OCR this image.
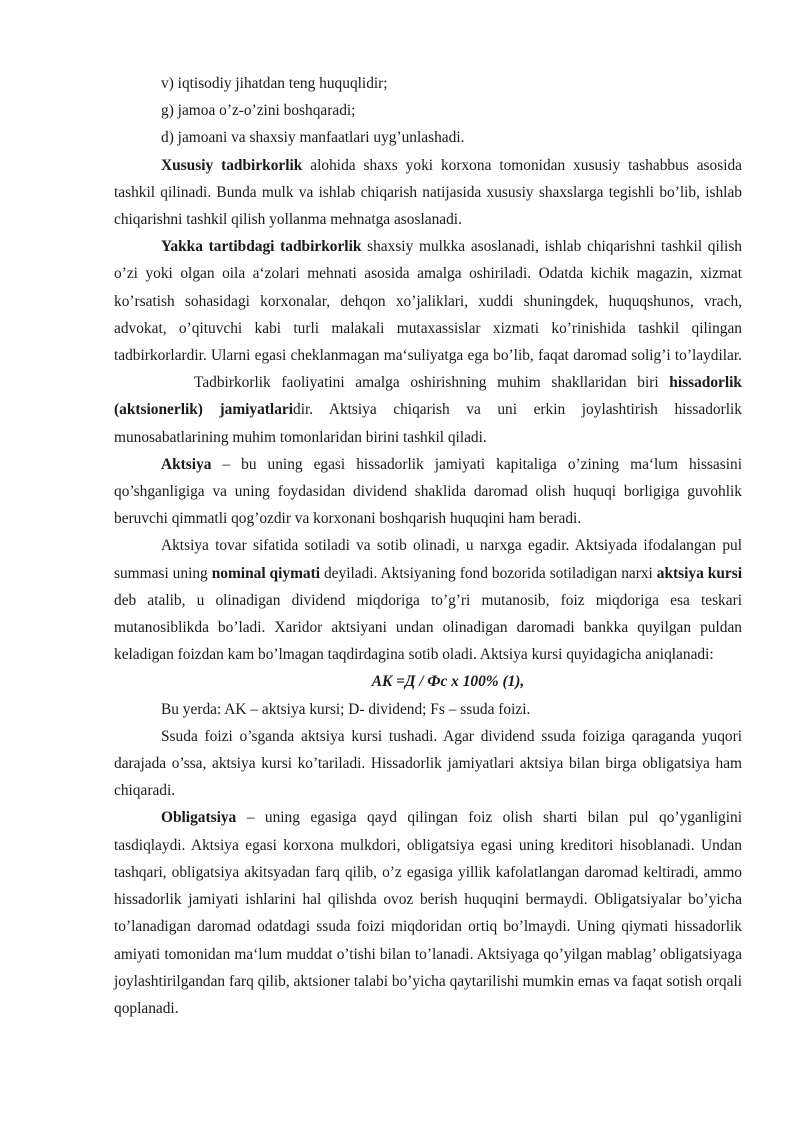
v) iqtisodiy jihatdan teng huquqlidir;

g) jamoa o’z-o’zini boshqaradi;

d) jamoani va shaxsiy manfaatlari uyg’unlashadi.

Xususiy tadbirkorlik alohida shaxs yoki korxona tomonidan xususiy tashabbus asosida tashkil qilinadi. Bunda mulk va ishlab chiqarish natijasida xususiy shaxslarga tegishli bo’lib, ishlab chiqarishni tashkil qilish yollanma mehnatga asoslanadi.

Yakka tartibdagi tadbirkorlik shaxsiy mulkka asoslanadi, ishlab chiqarishni tashkil qilish o’zi yoki olgan oila a‘zolari mehnati asosida amalga oshiriladi. Odatda kichik magazin, xizmat ko’rsatish sohasidagi korxonalar, dehqon xo’jaliklari, xuddi shuningdek, huquqshunos, vrach, advokat, o’qituvchi kabi turli malakali mutaxassislar xizmati ko’rinishida tashkil qilingan tadbirkorlardir. Ularni egasi cheklanmagan ma‘suliyatga ega bo’lib, faqat daromad solig’i to’laydilar.Tadbirkorlik faoliyatini amalga oshirishning muhim shakllaridan biri hissadorlik (aktsionerlik) jamiyatlaridir. Aktsiya chiqarish va uni erkin joylashtirish hissadorlik munosabatlarining muhim tomonlaridan birini tashkil qiladi.

Aktsiya – bu uning egasi hissadorlik jamiyati kapitaliga o’zining ma‘lum hissasini qo’shganligiga va uning foydasidan dividend shaklida daromad olish huquqi borligiga guvohlik beruvchi qimmatli qog’ozdir va korxonani boshqarish huquqini ham beradi.

Aktsiya tovar sifatida sotiladi va sotib olinadi, u narxga egadir. Aktsiyada ifodalangan pul summasi uning nominal qiymati deyiladi. Aktsiyaning fond bozorida sotiladigan narxi aktsiya kursi deb atalib, u olinadigan dividend miqdoriga to’g’ri mutanosib, foiz miqdoriga esa teskari mutanosiblikda bo’ladi. Xaridor aktsiyani undan olinadigan daromadi bankka quyilgan puldan keladigan foizdan kam bo’lmagan taqdirdagina sotib oladi. Aktsiya kursi quyidagicha aniqlanadi:

AK =Д / Фс х 100% (1),

Bu yerda: AK – aktsiya kursi; D- dividend; Fs – ssuda foizi.

Ssuda foizi o’sganda aktsiya kursi tushadi. Agar dividend ssuda foiziga qaraganda yuqori darajada o’ssa, aktsiya kursi ko’tariladi. Hissadorlik jamiyatlari aktsiya bilan birga obligatsiya ham chiqaradi.

Obligatsiya – uning egasiga qayd qilingan foiz olish sharti bilan pul qo’yganligini tasdiqlaydi. Aktsiya egasi korxona mulkdori, obligatsiya egasi uning kreditori hisoblanadi. Undan tashqari, obligatsiya akitsyadan farq qilib, o’z egasiga yillik kafolatlangan daromad keltiradi, ammo hissadorlik jamiyati ishlarini hal qilishda ovoz berish huquqini bermaydi. Obligatsiyalar bo’yicha to’lanadigan daromad odatdagi ssuda foizi miqdoridan ortiq bo’lmaydi. Uning qiymati hissadorlik amiyati tomonidan ma‘lum muddat o’tishi bilan to’lanadi. Aktsiyaga qo’yilgan mablag’ obligatsiyaga joylashtirilgandan farq qilib, aktsioner talabi bo’yicha qaytarilishi mumkin emas va faqat sotish orqali qoplanadi.
